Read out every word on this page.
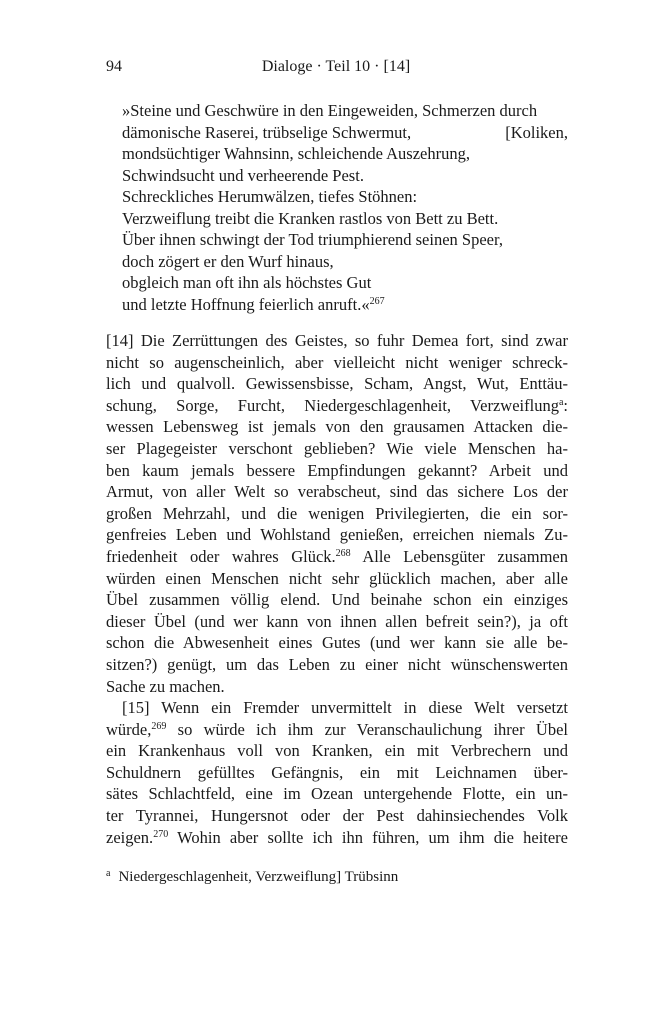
94	Dialoge · Teil 10 · [14]
»Steine und Geschwüre in den Eingeweiden, Schmerzen durch
dämonische Raserei, trübselige Schwermut,	[Koliken,
mondsüchtiger Wahnsinn, schleichende Auszehrung,
Schwindsucht und verheerende Pest.
Schreckliches Herumwälzen, tiefes Stöhnen:
Verzweiflung treibt die Kranken rastlos von Bett zu Bett.
Über ihnen schwingt der Tod triumphierend seinen Speer,
doch zögert er den Wurf hinaus,
obgleich man oft ihn als höchstes Gut
und letzte Hoffnung feierlich anruft.«$^{267}$
[14] Die Zerrüttungen des Geistes, so fuhr Demea fort, sind zwar
nicht so augenscheinlich, aber vielleicht nicht weniger schreck-
lich und qualvoll. Gewissensbisse, Scham, Angst, Wut, Enttäu-
schung, Sorge, Furcht, Niedergeschlagenheit, Verzweiflung$^a$:
wessen Lebensweg ist jemals von den grausamen Attacken die-
ser Plagegeister verschont geblieben? Wie viele Menschen ha-
ben kaum jemals bessere Empfindungen gekannt? Arbeit und
Armut, von aller Welt so verabscheut, sind das sichere Los der
großen Mehrzahl, und die wenigen Privilegierten, die ein sor-
genfreies Leben und Wohlstand genießen, erreichen niemals Zu-
friedenheit oder wahres Glück.$^{268}$ Alle Lebensgüter zusammen
würden einen Menschen nicht sehr glücklich machen, aber alle
Übel zusammen völlig elend. Und beinahe schon ein einziges
dieser Übel (und wer kann von ihnen allen befreit sein?), ja oft
schon die Abwesenheit eines Gutes (und wer kann sie alle be-
sitzen?) genügt, um das Leben zu einer nicht wünschenswerten
Sache zu machen.
[15] Wenn ein Fremder unvermittelt in diese Welt versetzt
würde,$^{269}$ so würde ich ihm zur Veranschaulichung ihrer Übel
ein Krankenhaus voll von Kranken, ein mit Verbrechern und
Schuldnern gefülltes Gefängnis, ein mit Leichnamen über-
sätes Schlachtfeld, eine im Ozean untergehende Flotte, ein un-
ter Tyrannei, Hungersnot oder der Pest dahinsiechendes Volk
zeigen.$^{270}$ Wohin aber sollte ich ihn führen, um ihm die heitere
$^a$ Niedergeschlagenheit, Verzweiflung] Trübsinn
